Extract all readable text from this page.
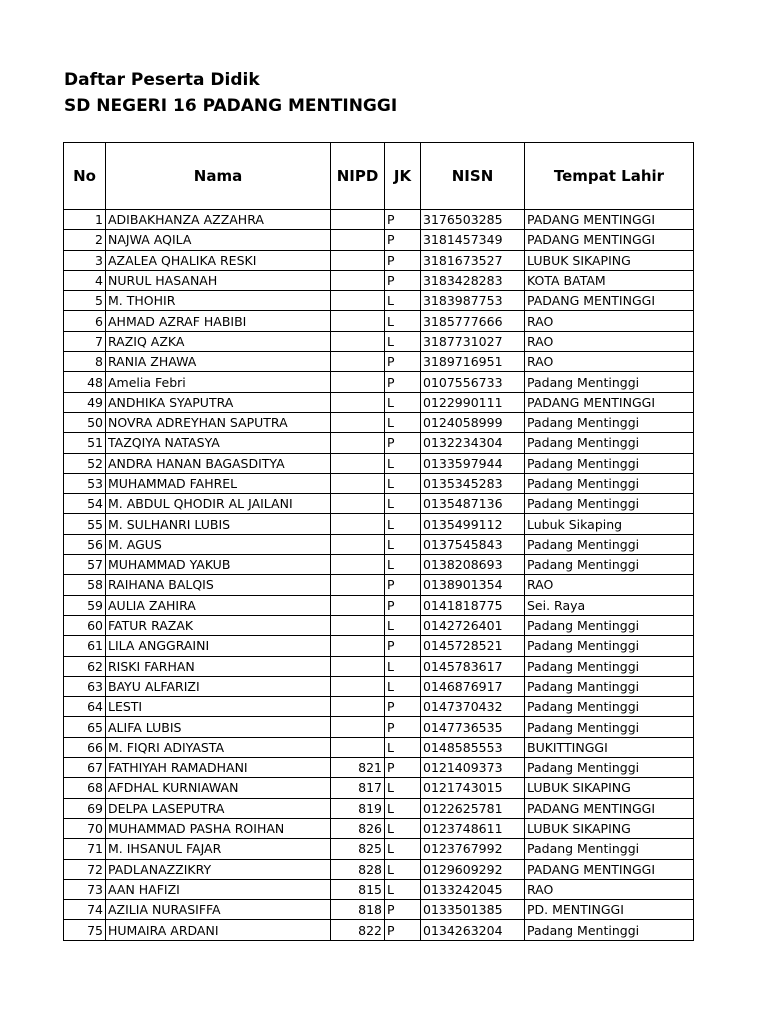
Daftar Peserta Didik
SD NEGERI 16 PADANG MENTINGGI
No	Nama	NIPD	JK	NISN	Tempat Lahir
1	ADIBAKHANZA AZZAHRA		P	3176503285	PADANG MENTINGGI
2	NAJWA AQILA		P	3181457349	PADANG MENTINGGI
3	AZALEA QHALIKA RESKI		P	3181673527	LUBUK SIKAPING
4	NURUL HASANAH		P	3183428283	KOTA BATAM
5	M. THOHIR		L	3183987753	PADANG MENTINGGI
6	AHMAD AZRAF HABIBI		L	3185777666	RAO
7	RAZIQ AZKA		L	3187731027	RAO
8	RANIA ZHAWA		P	3189716951	RAO
48	Amelia Febri		P	0107556733	Padang Mentinggi
49	ANDHIKA SYAPUTRA		L	0122990111	PADANG MENTINGGI
50	NOVRA ADREYHAN SAPUTRA		L	0124058999	Padang Mentinggi
51	TAZQIYA NATASYA		P	0132234304	Padang Mentinggi
52	ANDRA HANAN BAGASDITYA		L	0133597944	Padang Mentinggi
53	MUHAMMAD FAHREL		L	0135345283	Padang Mentinggi
54	M. ABDUL QHODIR AL JAILANI		L	0135487136	Padang Mentinggi
55	M. SULHANRI LUBIS		L	0135499112	Lubuk Sikaping
56	M. AGUS		L	0137545843	Padang Mentinggi
57	MUHAMMAD YAKUB		L	0138208693	Padang Mentinggi
58	RAIHANA BALQIS		P	0138901354	RAO
59	AULIA ZAHIRA		P	0141818775	Sei. Raya
60	FATUR RAZAK		L	0142726401	Padang Mentinggi
61	LILA ANGGRAINI		P	0145728521	Padang Mentinggi
62	RISKI FARHAN		L	0145783617	Padang Mentinggi
63	BAYU ALFARIZI		L	0146876917	Padang Mantinggi
64	LESTI		P	0147370432	Padang Mentinggi
65	ALIFA LUBIS		P	0147736535	Padang Mentinggi
66	M. FIQRI ADIYASTA		L	0148585553	BUKITTINGGI
67	FATHIYAH RAMADHANI	821	P	0121409373	Padang Mentinggi
68	AFDHAL KURNIAWAN	817	L	0121743015	LUBUK SIKAPING
69	DELPA LASEPUTRA	819	L	0122625781	PADANG MENTINGGI
70	MUHAMMAD PASHA ROIHAN	826	L	0123748611	LUBUK SIKAPING
71	M. IHSANUL FAJAR	825	L	0123767992	Padang Mentinggi
72	PADLANAZZIKRY	828	L	0129609292	PADANG MENTINGGI
73	AAN HAFIZI	815	L	0133242045	RAO
74	AZILIA NURASIFFA	818	P	0133501385	PD. MENTINGGI
75	HUMAIRA ARDANI	822	P	0134263204	Padang Mentinggi
